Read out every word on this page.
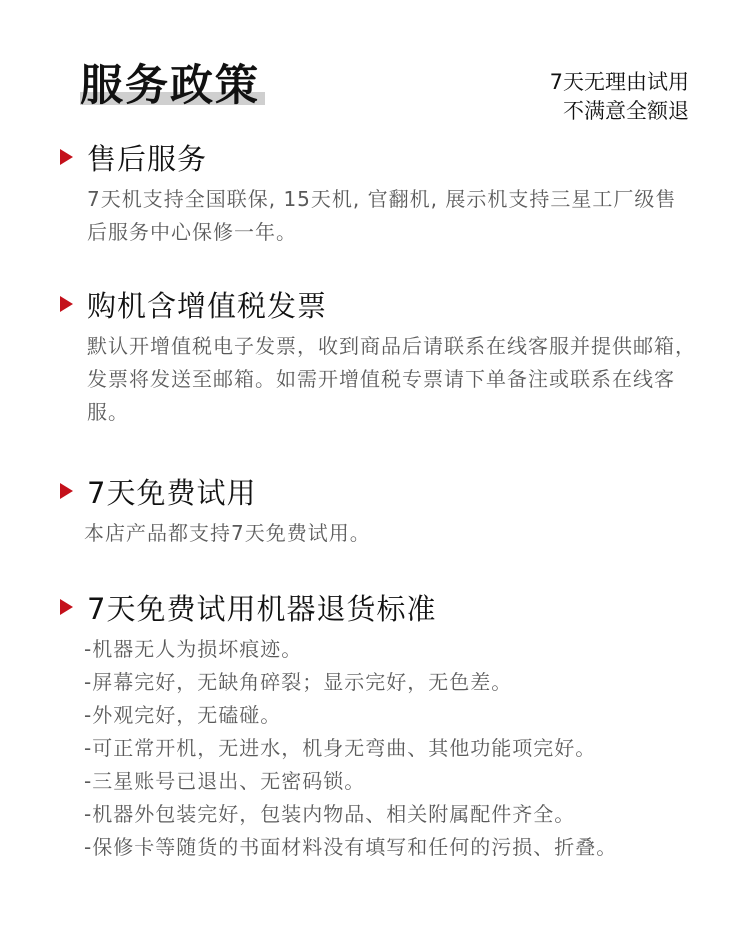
服务政策	7天无理由试用
不满意全额退
售后服务

7天机支持全国联保, 15天机, 官翻机, 展示机支持三星工厂级售后服务中心保修一年。

购机含增值税发票

默认开增值税电子发票，收到商品后请联系在线客服并提供邮箱，发票将发送至邮箱。如需开增值税专票请下单备注或联系在线客服。

7天免费试用

本店产品都支持7天免费试用。

7天免费试用机器退货标准
-机器无人为损坏痕迹。
-屏幕完好，无缺角碎裂；显示完好，无色差。
-外观完好，无磕碰。
-可正常开机，无进水，机身无弯曲、其他功能项完好。
-三星账号已退出、无密码锁。
-机器外包装完好，包装内物品、相关附属配件齐全。
-保修卡等随货的书面材料没有填写和任何的污损、折叠。
